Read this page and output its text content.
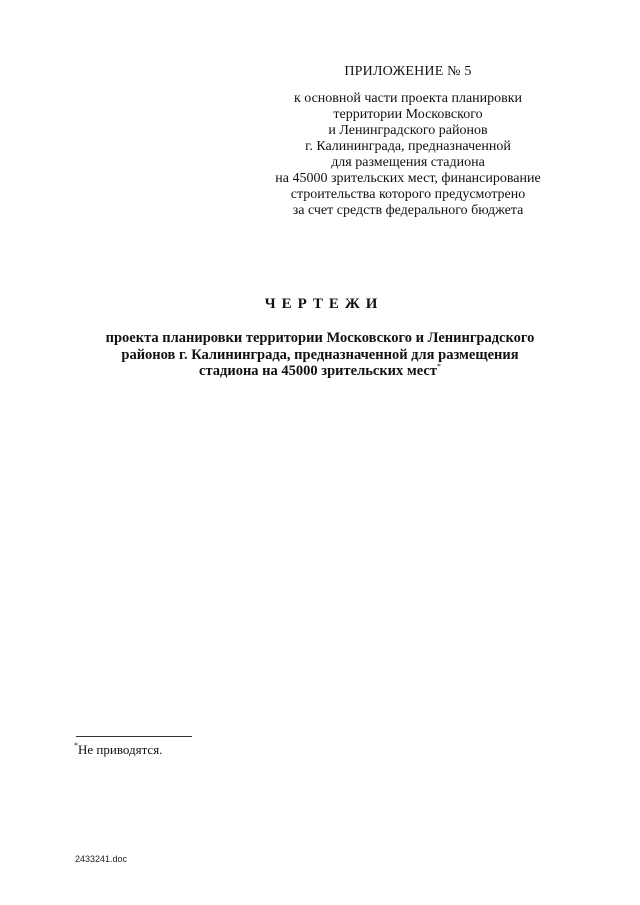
ПРИЛОЖЕНИЕ № 5
к основной части проекта планировки
территории Московского
и Ленинградского районов
г. Калининграда, предназначенной
для размещения стадиона
на 45000 зрительских мест, финансирование
строительства которого предусмотрено
за счет средств федерального бюджета
ЧЕРТЕЖИ
проекта планировки территории Московского и Ленинградского
районов г. Калининграда, предназначенной для размещения
стадиона на 45000 зрительских мест*
*Не приводятся.
2433241.doc
